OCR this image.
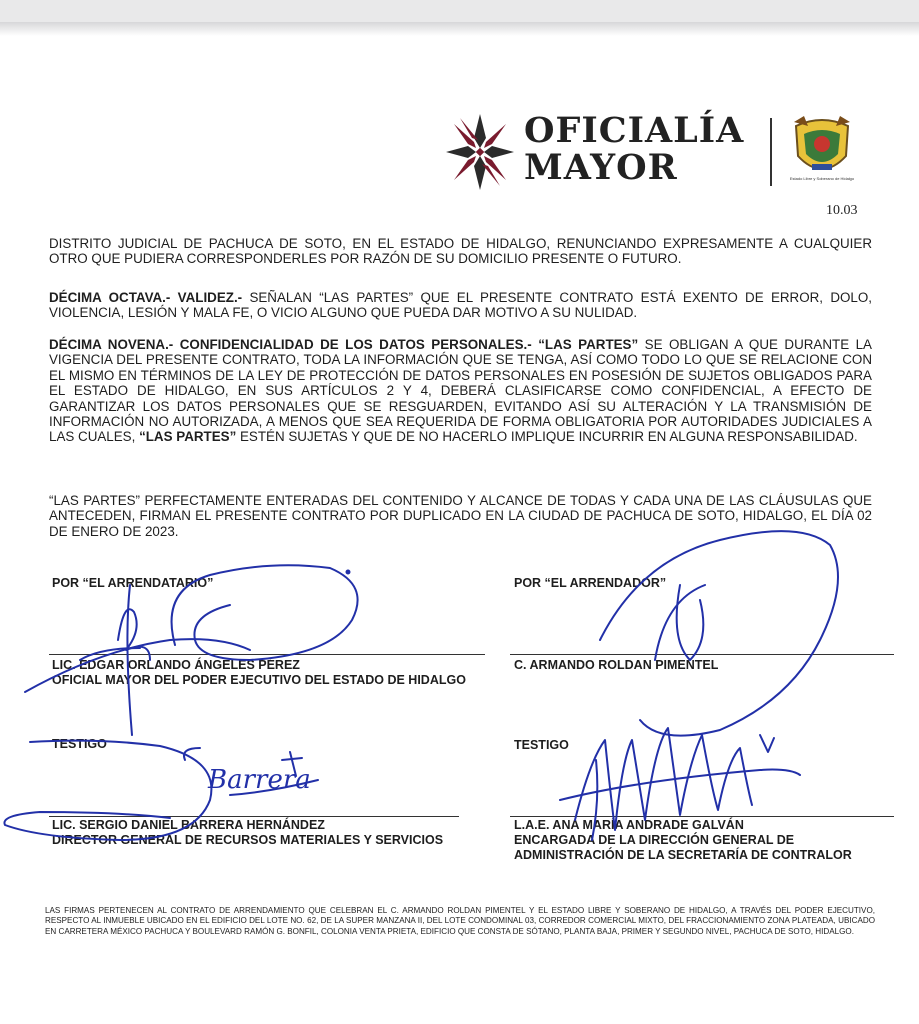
OFICIALÍA
MAYOR	Estado Libre y Soberano de Hidalgo
10.03

DISTRITO JUDICIAL DE PACHUCA DE SOTO, EN EL ESTADO DE HIDALGO, RENUNCIANDO EXPRESAMENTE A CUALQUIER OTRO QUE PUDIERA CORRESPONDERLES POR RAZÓN DE SU DOMICILIO PRESENTE O FUTURO.

DÉCIMA OCTAVA.- VALIDEZ.- SEÑALAN “LAS PARTES” QUE EL PRESENTE CONTRATO ESTÁ EXENTO DE ERROR, DOLO, VIOLENCIA, LESIÓN Y MALA FE, O VICIO ALGUNO QUE PUEDA DAR MOTIVO A SU NULIDAD.

DÉCIMA NOVENA.- CONFIDENCIALIDAD DE LOS DATOS PERSONALES.- “LAS PARTES” SE OBLIGAN A QUE DURANTE LA VIGENCIA DEL PRESENTE CONTRATO, TODA LA INFORMACIÓN QUE SE TENGA, ASÍ COMO TODO LO QUE SE RELACIONE CON EL MISMO EN TÉRMINOS DE LA LEY DE PROTECCIÓN DE DATOS PERSONALES EN POSESIÓN DE SUJETOS OBLIGADOS PARA EL ESTADO DE HIDALGO, EN SUS ARTÍCULOS 2 Y 4, DEBERÁ CLASIFICARSE COMO CONFIDENCIAL, A EFECTO DE GARANTIZAR LOS DATOS PERSONALES QUE SE RESGUARDEN, EVITANDO ASÍ SU ALTERACIÓN Y LA TRANSMISIÓN DE INFORMACIÓN NO AUTORIZADA, A MENOS QUE SEA REQUERIDA DE FORMA OBLIGATORIA POR AUTORIDADES JUDICIALES A LAS CUALES, “LAS PARTES” ESTÉN SUJETAS Y QUE DE NO HACERLO IMPLIQUE INCURRIR EN ALGUNA RESPONSABILIDAD.

“LAS PARTES” PERFECTAMENTE ENTERADAS DEL CONTENIDO Y ALCANCE DE TODAS Y CADA UNA DE LAS CLÁUSULAS QUE ANTECEDEN, FIRMAN EL PRESENTE CONTRATO POR DUPLICADO EN LA CIUDAD DE PACHUCA DE SOTO, HIDALGO, EL DÍA 02 DE ENERO DE 2023.

POR “EL ARRENDATARIO”	POR “EL ARRENDADOR”
LIC. EDGAR ORLANDO ÁNGELES PÉREZ
OFICIAL MAYOR DEL PODER EJECUTIVO DEL ESTADO DE HIDALGO
C. ARMANDO ROLDAN PIMENTEL
TESTIGO	TESTIGO
LIC. SERGIO DANIEL BARRERA HERNÁNDEZ
DIRECTOR GENERAL DE RECURSOS MATERIALES Y SERVICIOS
L.A.E. ANA MARÍA ANDRADE GALVÁN
ENCARGADA DE LA DIRECCIÓN GENERAL DE
ADMINISTRACIÓN DE LA SECRETARÍA DE CONTRALOR

LAS FIRMAS PERTENECEN AL CONTRATO DE ARRENDAMIENTO QUE CELEBRAN EL C. ARMANDO ROLDAN PIMENTEL Y EL ESTADO LIBRE Y SOBERANO DE HIDALGO, A TRAVÉS DEL PODER EJECUTIVO, RESPECTO AL INMUEBLE UBICADO EN EL EDIFICIO DEL LOTE NO. 62, DE LA SUPER MANZANA II, DEL LOTE CONDOMINAL 03, CORREDOR COMERCIAL MIXTO, DEL FRACCIONAMIENTO ZONA PLATEADA, UBICADO EN CARRETERA MÉXICO PACHUCA Y BOULEVARD RAMÓN G. BONFIL, COLONIA VENTA PRIETA, EDIFICIO QUE CONSTA DE SÓTANO, PLANTA BAJA, PRIMER Y SEGUNDO NIVEL, PACHUCA DE SOTO, HIDALGO.

Barrera
